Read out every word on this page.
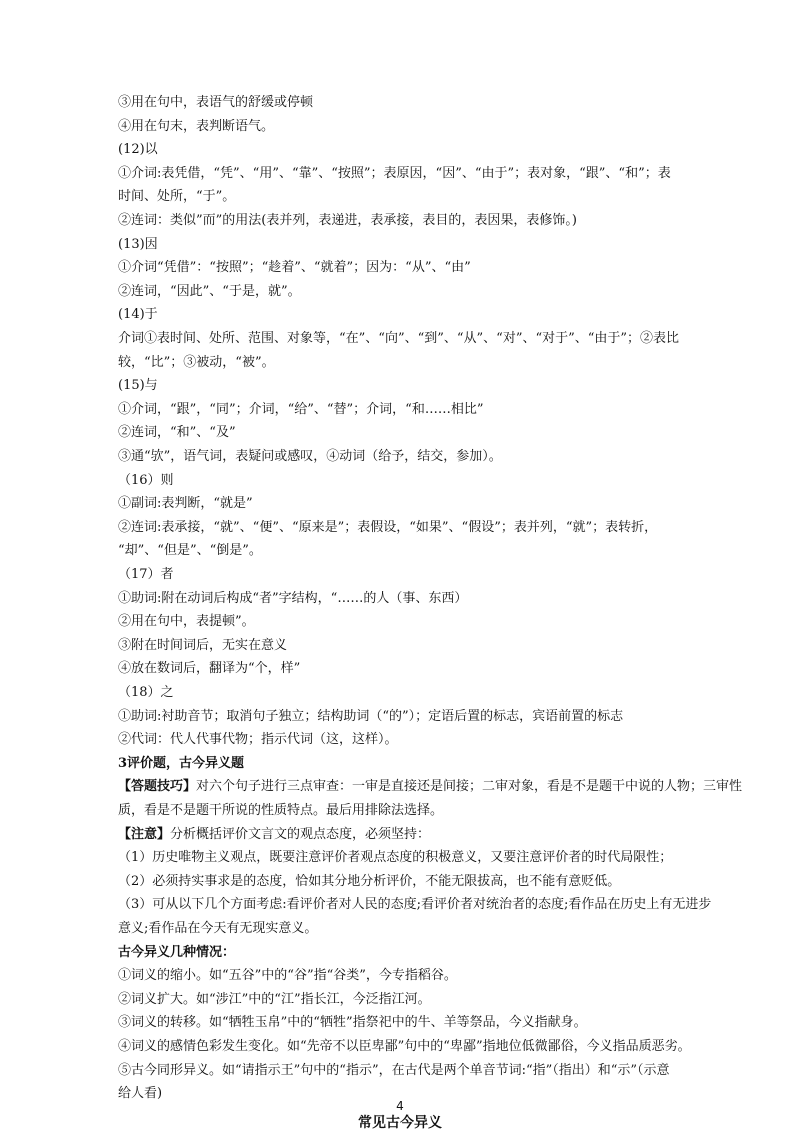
③用在句中，表语气的舒缓或停顿
④用在句末，表判断语气。
(12)以
①介词:表凭借，“凭”、“用”、“靠”、“按照”；表原因，“因”、“由于”；表对象，“跟”、“和”；表
时间、处所，“于”。
②连词：类似”而”的用法(表并列，表递进，表承接，表目的，表因果，表修饰。)
(13)因
①介词“凭借”：“按照”；“趁着”、“就着”；因为：“从”、“由”
②连词，“因此”、“于是，就”。
(14)于
介词①表时间、处所、范围、对象等，“在”、“向”、“到”、“从”、“对”、“对于”、“由于”；②表比
较，“比”；③被动，“被”。
(15)与
①介词，“跟”，“同”；介词，“给”、“替”；介词，“和……相比”
②连词，“和”、“及”
③通“欤”，语气词，表疑问或感叹，④动词（给予，结交，参加）。
（16）则
①副词:表判断，“就是”
②连词:表承接，“就”、“便”、“原来是”；表假设，“如果”、“假设”；表并列，“就”；表转折，
“却”、“但是”、“倒是”。
（17）者
①助词:附在动词后构成“者”字结构，“……的人（事、东西）
②用在句中，表提顿”。
③附在时间词后，无实在意义
④放在数词后，翻译为“个，样”
（18）之
①助词:衬助音节；取消句子独立；结构助词（“的”）；定语后置的标志，宾语前置的标志
②代词：代人代事代物；指示代词（这，这样）。
3评价题，古今异义题
【答题技巧】对六个句子进行三点审查：一审是直接还是间接；二审对象，看是不是题干中说的人物；三审性
质，看是不是题干所说的性质特点。最后用排除法选择。
【注意】分析概括评价文言文的观点态度，必须坚持：
（1）历史唯物主义观点，既要注意评价者观点态度的积极意义，又要注意评价者的时代局限性；
（2）必须持实事求是的态度，恰如其分地分析评价，不能无限拔高，也不能有意贬低。
（3）可从以下几个方面考虑:看评价者对人民的态度;看评价者对统治者的态度;看作品在历史上有无进步
意义;看作品在今天有无现实意义。
古今异义几种情况：
①词义的缩小。如“五谷”中的“谷”指“谷类”，今专指稻谷。
②词义扩大。如“涉江”中的“江”指长江，今泛指江河。
③词义的转移。如“牺牲玉帛”中的“牺牲”指祭祀中的牛、羊等祭品，今义指献身。
④词义的感情色彩发生变化。如“先帝不以臣卑鄙”句中的“卑鄙”指地位低微鄙俗，今义指品质恶劣。
⑤古今同形异义。如“请指示王”句中的“指示”，在古代是两个单音节词:“指”（指出）和“示”（示意
给人看)
常见古今异义
4
